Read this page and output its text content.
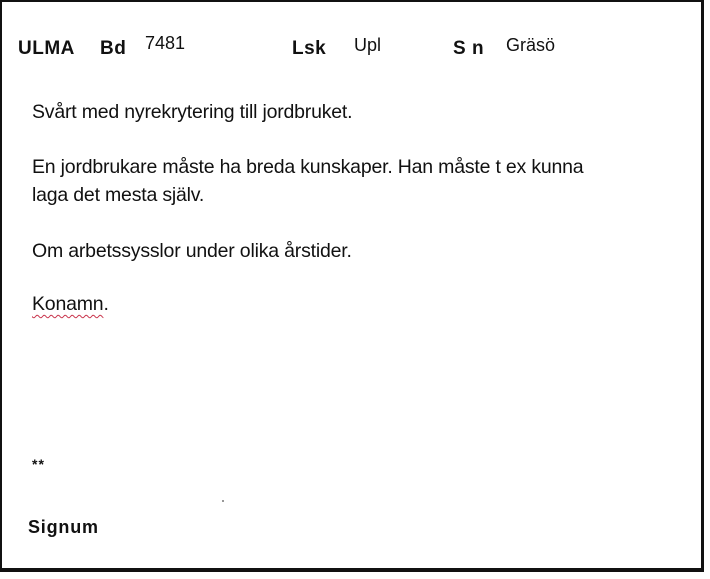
ULMA Bd 7481	Lsk Upl	S n Gräsö
Svårt med nyrekrytering till jordbruket.
En jordbrukare måste ha breda kunskaper. Han måste t ex kunna
laga det mesta själv.
Om arbetssysslor under olika årstider.
Konamn.
**
Signum
